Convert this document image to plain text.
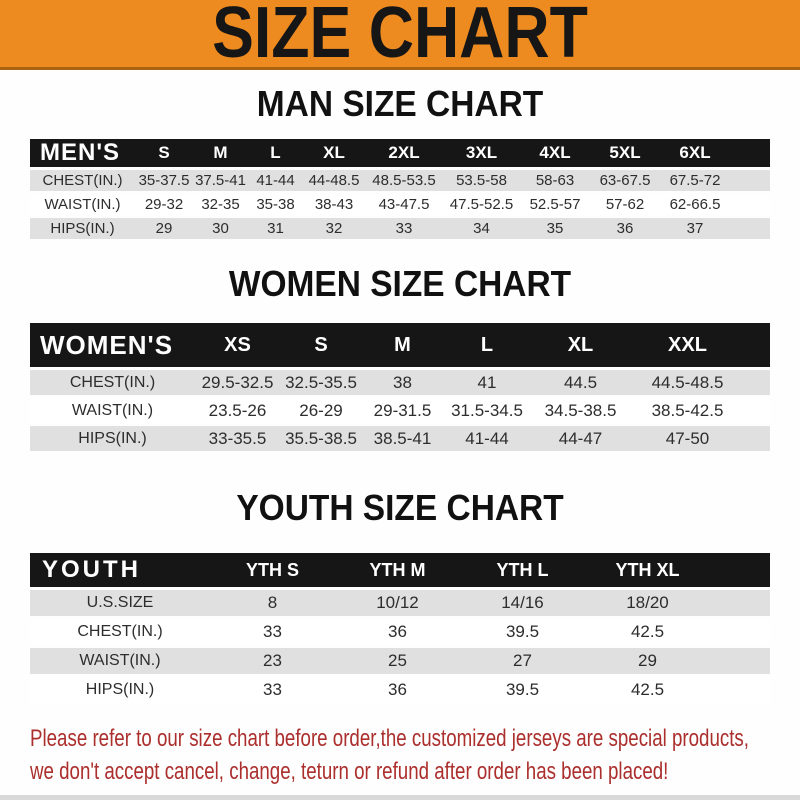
SIZE CHART
MAN SIZE CHART
MEN'S	S	M	L	XL	2XL	3XL	4XL	5XL	6XL	
CHEST(IN.)	35-37.5	37.5-41	41-44	44-48.5	48.5-53.5	53.5-58	58-63	63-67.5	67.5-72	
WAIST(IN.)	29-32	32-35	35-38	38-43	43-47.5	47.5-52.5	52.5-57	57-62	62-66.5	
HIPS(IN.)	29	30	31	32	33	34	35	36	37	
WOMEN SIZE CHART
WOMEN'S	XS	S	M	L	XL	XXL	
CHEST(IN.)	29.5-32.5	32.5-35.5	38	41	44.5	44.5-48.5	
WAIST(IN.)	23.5-26	26-29	29-31.5	31.5-34.5	34.5-38.5	38.5-42.5	
HIPS(IN.)	33-35.5	35.5-38.5	38.5-41	41-44	44-47	47-50	
YOUTH SIZE CHART
YOUTH	YTH S	YTH M	YTH L	YTH XL	
U.S.SIZE	8	10/12	14/16	18/20	
CHEST(IN.)	33	36	39.5	42.5	
WAIST(IN.)	23	25	27	29	
HIPS(IN.)	33	36	39.5	42.5	
Please refer to our size chart before order,the customized jerseys are special products,
we don't accept cancel, change, teturn or refund after order has been placed!
